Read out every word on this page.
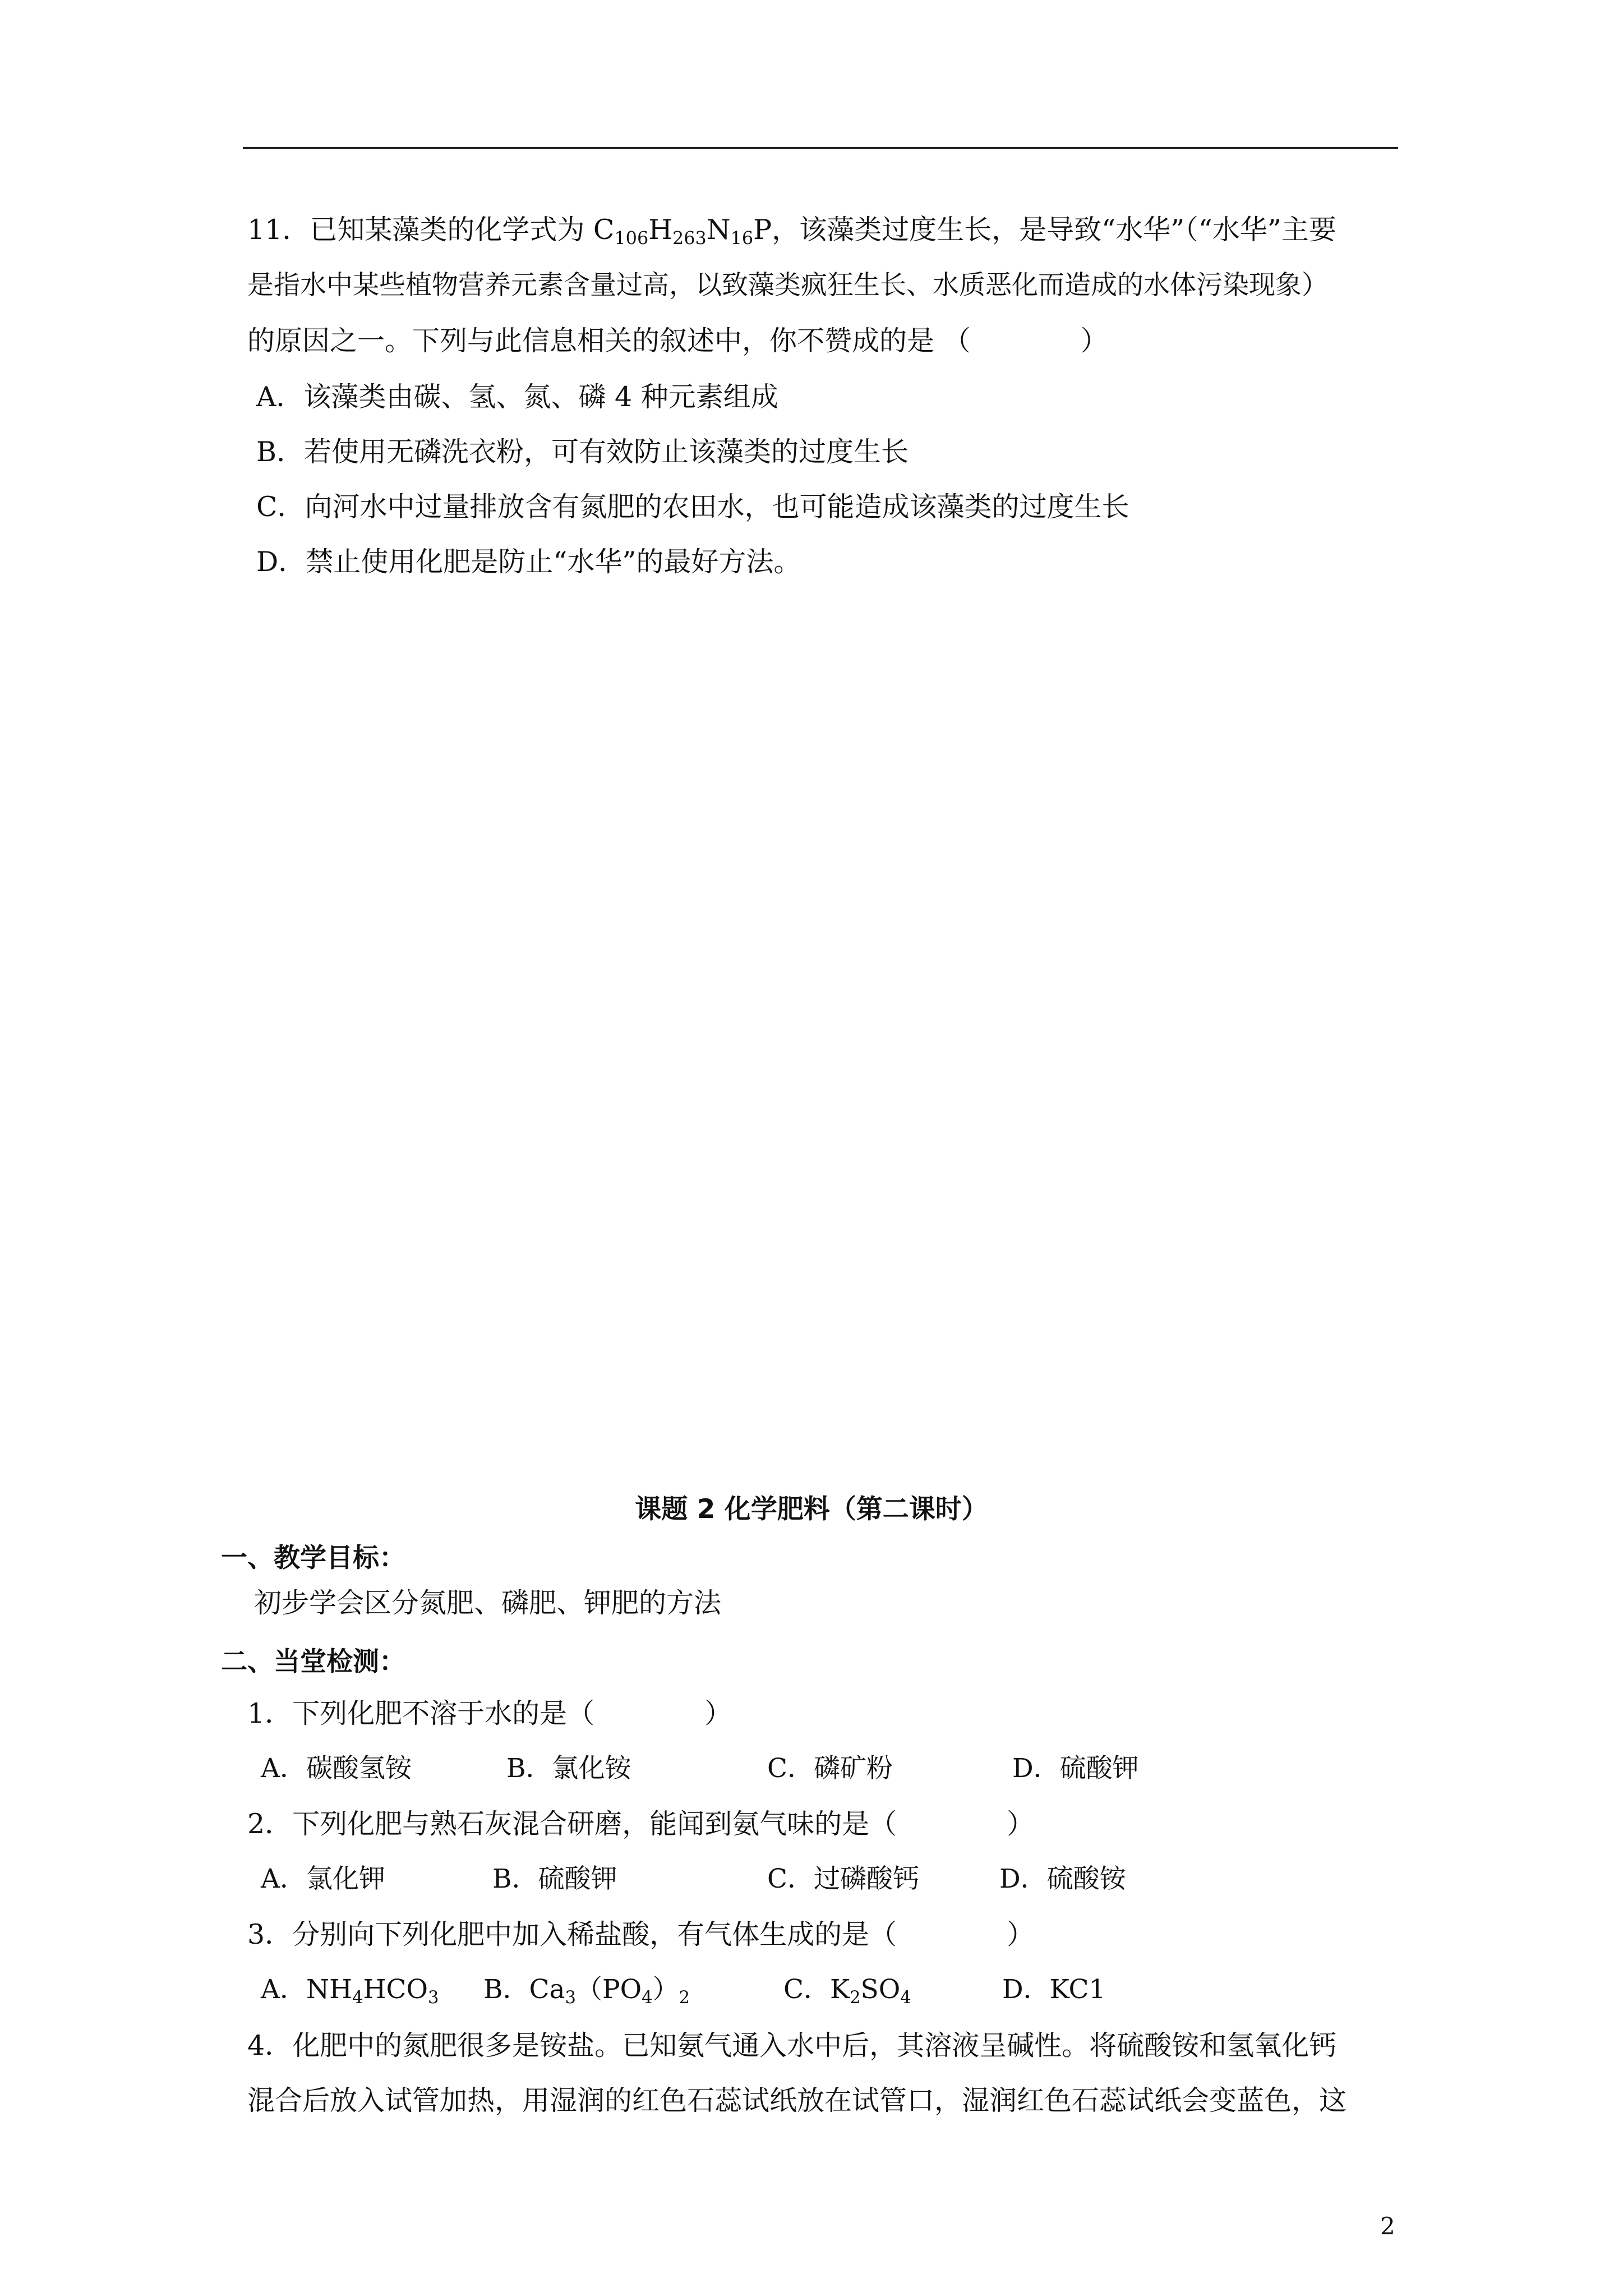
11．已知某藻类的化学式为 $C_{106}H_{263}N_{16}P$，该藻类过度生长，是导致“水华”（“水华”主要
是指水中某些植物营养元素含量过高，以致藻类疯狂生长、水质恶化而造成的水体污染现象）
的原因之一。下列与此信息相关的叙述中，你不赞成的是 （　　　　）
A．该藻类由碳、氢、氮、磷 4 种元素组成
B．若使用无磷洗衣粉，可有效防止该藻类的过度生长
C．向河水中过量排放含有氮肥的农田水，也可能造成该藻类的过度生长
D．禁止使用化肥是防止“水华”的最好方法。
课题 2 化学肥料（第二课时）
一、教学目标：
初步学会区分氮肥、磷肥、钾肥的方法
二、当堂检测：
1．下列化肥不溶于水的是（　　　　）
A．碳酸氢铵	B．氯化铵	C．磷矿粉	D．硫酸钾
2．下列化肥与熟石灰混合研磨，能闻到氨气味的是（　　　　）
A．氯化钾	B．硫酸钾	C．过磷酸钙	D．硫酸铵
3．分别向下列化肥中加入稀盐酸，有气体生成的是（　　　　）
A．$NH_4HCO_3$ B．$Ca_3(PO_4)_2$	C．$K_2SO_4$	D．KC1
4．化肥中的氮肥很多是铵盐。已知氨气通入水中后，其溶液呈碱性。将硫酸铵和氢氧化钙
混合后放入试管加热，用湿润的红色石蕊试纸放在试管口，湿润红色石蕊试纸会变蓝色，这
2
